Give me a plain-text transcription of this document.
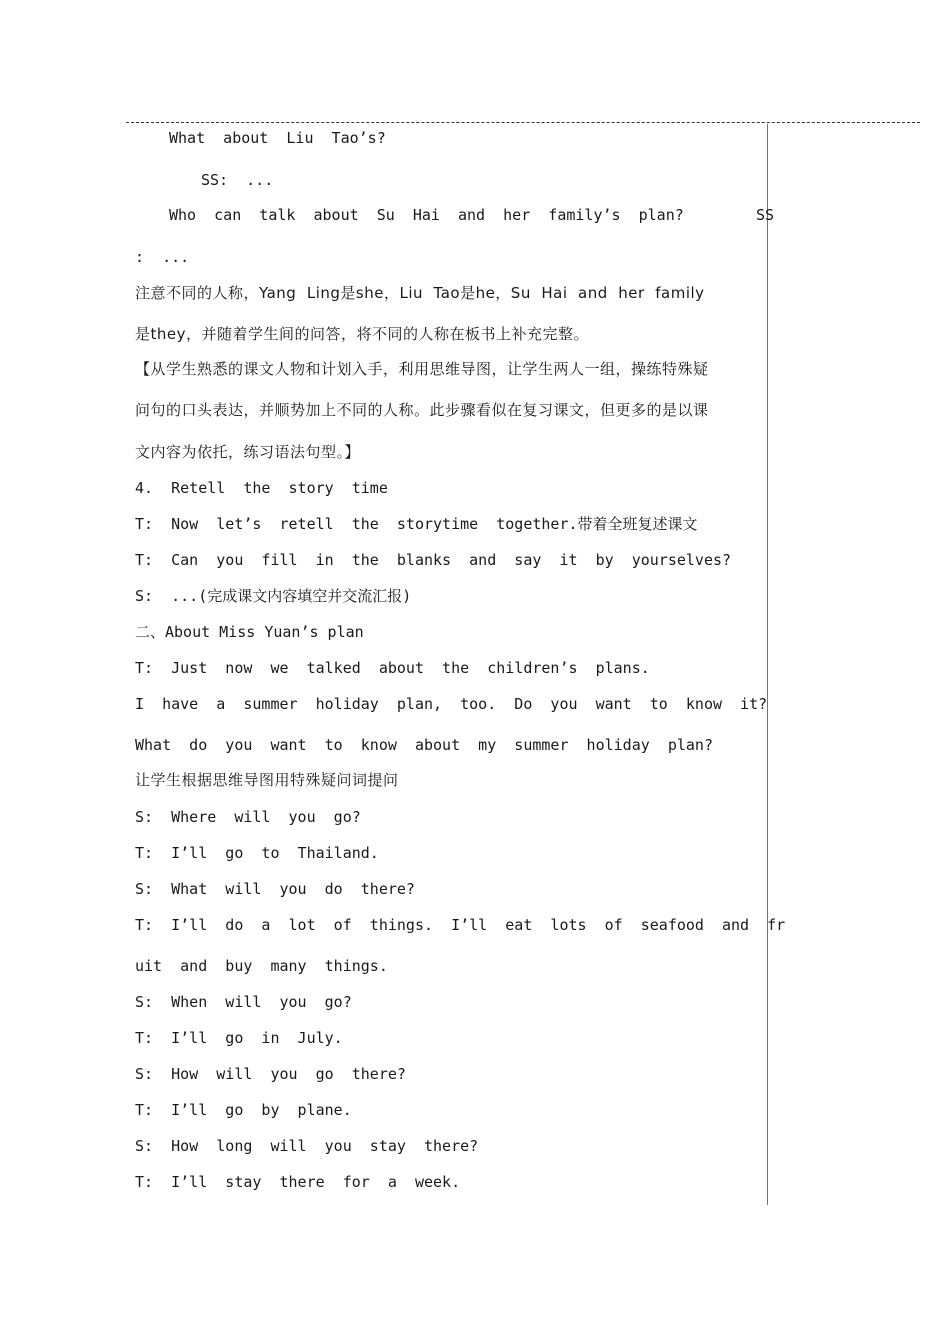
What  about  Liu  Tao’s?
SS:  ...
Who  can  talk  about  Su  Hai  and  her  family’s  plan?        SS
:  ...
注意不同的人称，Yang  Ling是she，Liu  Tao是he，Su  Hai  and  her  family
是they，并随着学生间的问答，将不同的人称在板书上补充完整。
【从学生熟悉的课文人物和计划入手，利用思维导图，让学生两人一组，操练特殊疑
问句的口头表达，并顺势加上不同的人称。此步骤看似在复习课文，但更多的是以课
文内容为依托，练习语法句型。】
4.  Retell  the  story  time
T:  Now  let’s  retell  the  storytime  together.带着全班复述课文
T:  Can  you  fill  in  the  blanks  and  say  it  by  yourselves?
S:  ...(完成课文内容填空并交流汇报)
二、About Miss Yuan’s plan
T:  Just  now  we  talked  about  the  children’s  plans.
I  have  a  summer  holiday  plan,  too.  Do  you  want  to  know  it?
What  do  you  want  to  know  about  my  summer  holiday  plan?
让学生根据思维导图用特殊疑问词提问
S:  Where  will  you  go?
T:  I’ll  go  to  Thailand.
S:  What  will  you  do  there?
T:  I’ll  do  a  lot  of  things.  I’ll  eat  lots  of  seafood  and  fr
uit  and  buy  many  things.
S:  When  will  you  go?
T:  I’ll  go  in  July.
S:  How  will  you  go  there?
T:  I’ll  go  by  plane.
S:  How  long  will  you  stay  there?
T:  I’ll  stay  there  for  a  week.
